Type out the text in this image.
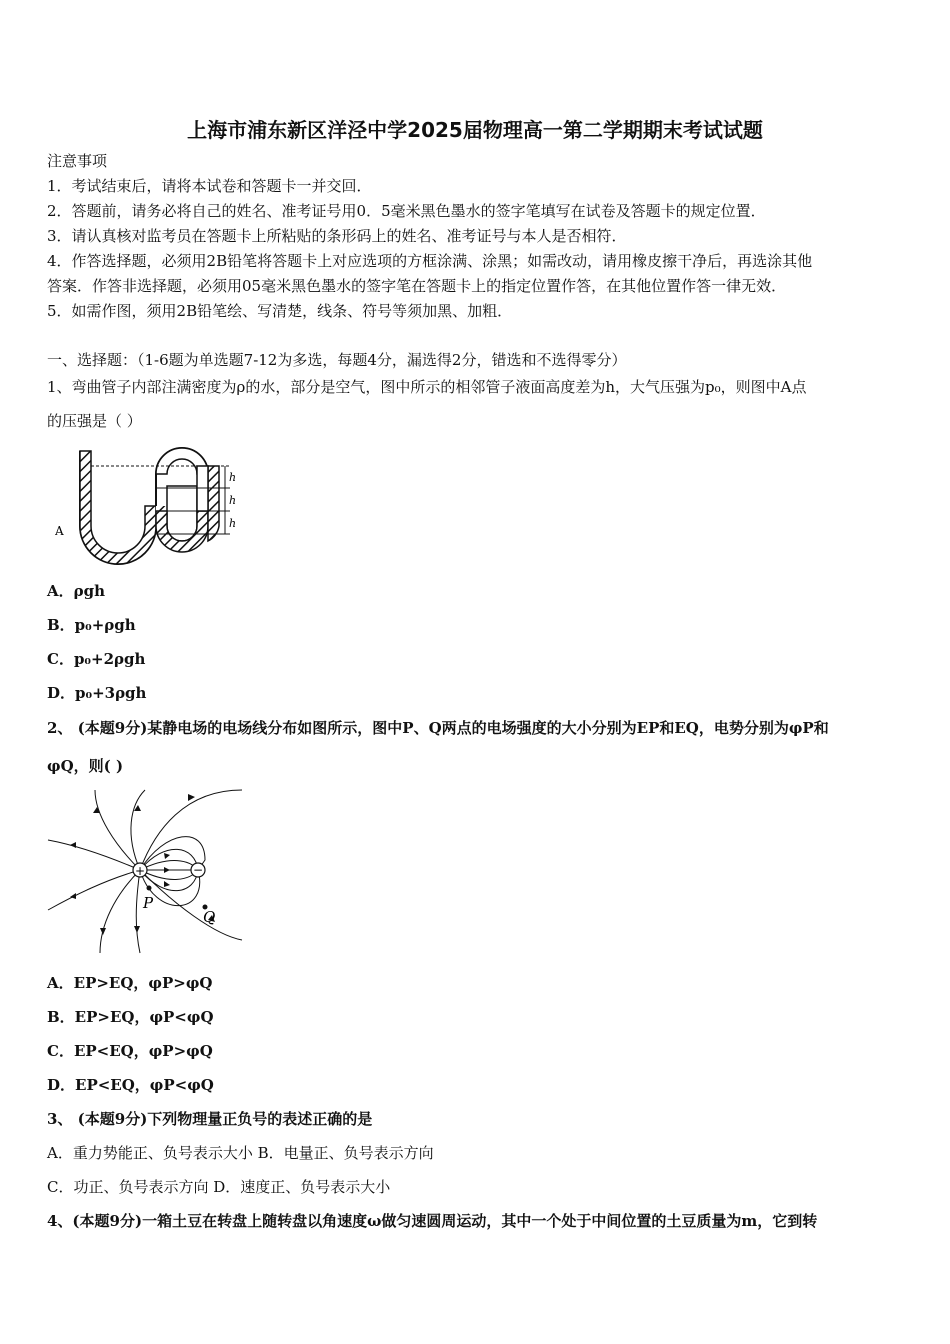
上海市浦东新区洋泾中学2025届物理高一第二学期期末考试试题
注意事项
1．考试结束后，请将本试卷和答题卡一并交回．
2．答题前，请务必将自己的姓名、准考证号用0．5毫米黑色墨水的签字笔填写在试卷及答题卡的规定位置．
3．请认真核对监考员在答题卡上所粘贴的条形码上的姓名、准考证号与本人是否相符．
4．作答选择题，必须用2B铅笔将答题卡上对应选项的方框涂满、涂黑；如需改动，请用橡皮擦干净后，再选涂其他
答案．作答非选择题，必须用05毫米黑色墨水的签字笔在答题卡上的指定位置作答，在其他位置作答一律无效．
5．如需作图，须用2B铅笔绘、写清楚，线条、符号等须加黑、加粗．
一、选择题：（1-6题为单选题7-12为多选，每题4分，漏选得2分，错选和不选得零分）
1、弯曲管子内部注满密度为ρ的水，部分是空气，图中所示的相邻管子液面高度差为h，大气压强为p₀，则图中A点
的压强是（ ）
A
h
h
h
A．ρgh
B．p₀+ρgh
C．p₀+2ρgh
D．p₀+3ρgh
2、 (本题9分)某静电场的电场线分布如图所示，图中P、Q两点的电场强度的大小分别为EP和EQ，电势分别为φP和
φQ，则( )
+	−
P
Q
A．EP>EQ，φP>φQ
B．EP>EQ，φP<φQ
C．EP<EQ，φP>φQ
D．EP<EQ，φP<φQ
3、 (本题9分)下列物理量正负号的表述正确的是
A．重力势能正、负号表示大小 B．电量正、负号表示方向
C．功正、负号表示方向 D．速度正、负号表示大小
4、(本题9分)一箱土豆在转盘上随转盘以角速度ω做匀速圆周运动，其中一个处于中间位置的土豆质量为m，它到转
